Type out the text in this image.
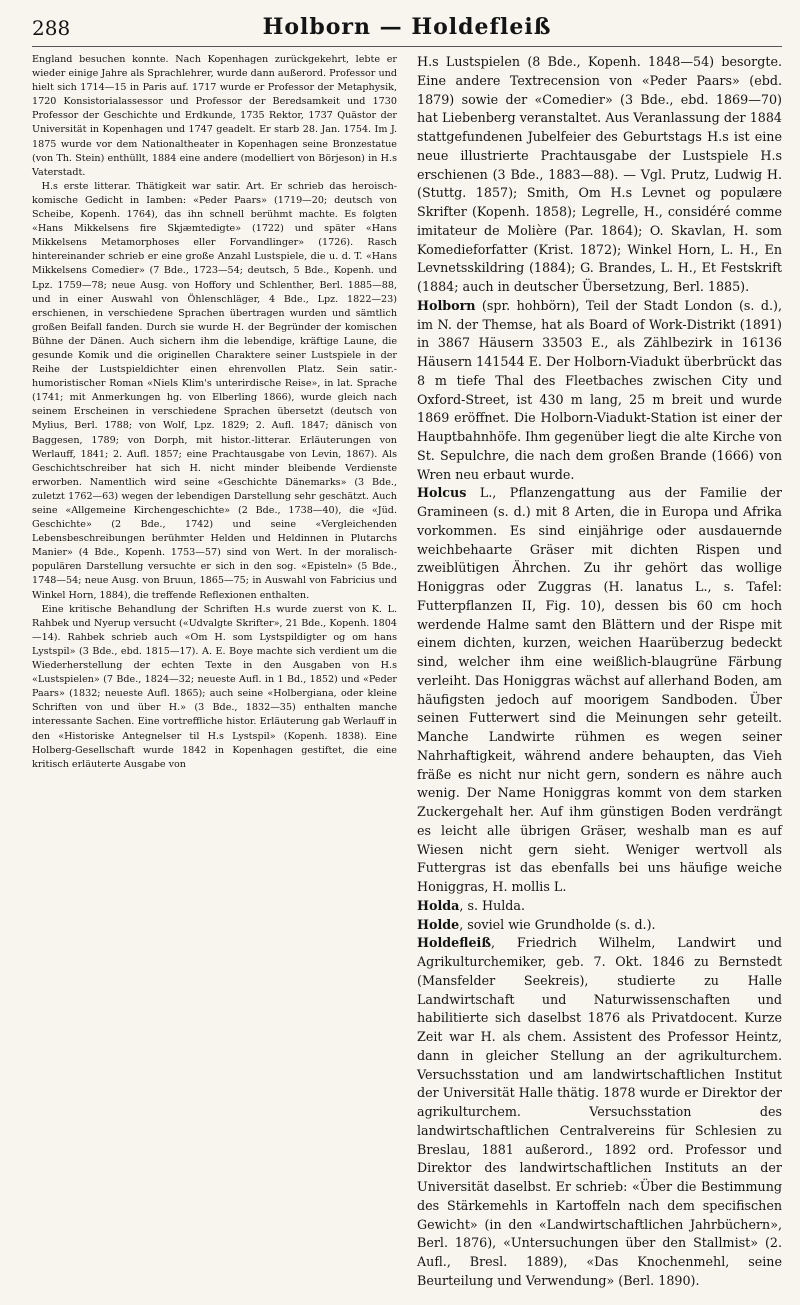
288	Holborn — Holdefleiß

England besuchen konnte. Nach Kopenhagen zurückgekehrt, lebte er wieder einige Jahre als Sprachlehrer, wurde dann außerord. Professor und hielt sich 1714—15 in Paris auf. 1717 wurde er Professor der Metaphysik, 1720 Konsistorialassessor und Professor der Beredsamkeit und 1730 Professor der Geschichte und Erdkunde, 1735 Rektor, 1737 Quästor der Universität in Kopenhagen und 1747 geadelt. Er starb 28. Jan. 1754. Im J. 1875 wurde vor dem Nationaltheater in Kopenhagen seine Bronzestatue (von Th. Stein) enthüllt, 1884 eine andere (modelliert von Börjeson) in H.s Vaterstadt.

H.s erste litterar. Thätigkeit war satir. Art. Er schrieb das heroisch-komische Gedicht in Iamben: «Peder Paars» (1719—20; deutsch von Scheibe, Kopenh. 1764), das ihn schnell berühmt machte. Es folgten «Hans Mikkelsens fire Skjæmtedigte» (1722) und später «Hans Mikkelsens Metamorphoses eller Forvandlinger» (1726). Rasch hintereinander schrieb er eine große Anzahl Lustspiele, die u. d. T. «Hans Mikkelsens Comedier» (7 Bde., 1723—54; deutsch, 5 Bde., Kopenh. und Lpz. 1759—78; neue Ausg. von Hoffory und Schlenther, Berl. 1885—88, und in einer Auswahl von Öhlenschläger, 4 Bde., Lpz. 1822—23) erschienen, in verschiedene Sprachen übertragen wurden und sämtlich großen Beifall fanden. Durch sie wurde H. der Begründer der komischen Bühne der Dänen. Auch sichern ihm die lebendige, kräftige Laune, die gesunde Komik und die originellen Charaktere seiner Lustspiele in der Reihe der Lustspieldichter einen ehrenvollen Platz. Sein satir.-humoristischer Roman «Niels Klim's unterirdische Reise», in lat. Sprache (1741; mit Anmerkungen hg. von Elberling 1866), wurde gleich nach seinem Erscheinen in verschiedene Sprachen übersetzt (deutsch von Mylius, Berl. 1788; von Wolf, Lpz. 1829; 2. Aufl. 1847; dänisch von Baggesen, 1789; von Dorph, mit histor.-litterar. Erläuterungen von Werlauff, 1841; 2. Aufl. 1857; eine Prachtausgabe von Levin, 1867). Als Geschichtschreiber hat sich H. nicht minder bleibende Verdienste erworben. Namentlich wird seine «Geschichte Dänemarks» (3 Bde., zuletzt 1762—63) wegen der lebendigen Darstellung sehr geschätzt. Auch seine «Allgemeine Kirchengeschichte» (2 Bde., 1738—40), die «Jüd. Geschichte» (2 Bde., 1742) und seine «Vergleichenden Lebensbeschreibungen berühmter Helden und Heldinnen in Plutarchs Manier» (4 Bde., Kopenh. 1753—57) sind von Wert. In der moralisch-populären Darstellung versuchte er sich in den sog. «Episteln» (5 Bde., 1748—54; neue Ausg. von Bruun, 1865—75; in Auswahl von Fabricius und Winkel Horn, 1884), die treffende Reflexionen enthalten.

Eine kritische Behandlung der Schriften H.s wurde zuerst von K. L. Rahbek und Nyerup versucht («Udvalgte Skrifter», 21 Bde., Kopenh. 1804—14). Rahbek schrieb auch «Om H. som Lystspildigter og om hans Lystspil» (3 Bde., ebd. 1815—17). A. E. Boye machte sich verdient um die Wiederherstellung der echten Texte in den Ausgaben von H.s «Lustspielen» (7 Bde., 1824—32; neueste Aufl. in 1 Bd., 1852) und «Peder Paars» (1832; neueste Aufl. 1865); auch seine «Holbergiana, oder kleine Schriften von und über H.» (3 Bde., 1832—35) enthalten manche interessante Sachen. Eine vortreffliche histor. Erläuterung gab Werlauff in den «Historiske Antegnelser til H.s Lystspil» (Kopenh. 1838). Eine Holberg-Gesellschaft wurde 1842 in Kopenhagen gestiftet, die eine kritisch erläuterte Ausgabe von

H.s Lustspielen (8 Bde., Kopenh. 1848—54) besorgte. Eine andere Textrecension von «Peder Paars» (ebd. 1879) sowie der «Comedier» (3 Bde., ebd. 1869—70) hat Liebenberg veranstaltet. Aus Veranlassung der 1884 stattgefundenen Jubelfeier des Geburtstags H.s ist eine neue illustrierte Prachtausgabe der Lustspiele H.s erschienen (3 Bde., 1883—88). — Vgl. Prutz, Ludwig H. (Stuttg. 1857); Smith, Om H.s Levnet og populære Skrifter (Kopenh. 1858); Legrelle, H., considéré comme imitateur de Molière (Par. 1864); O. Skavlan, H. som Komedieforfatter (Krist. 1872); Winkel Horn, L. H., En Levnetsskildring (1884); G. Brandes, L. H., Et Festskrift (1884; auch in deutscher Übersetzung, Berl. 1885).

Holborn (spr. hohbörn), Teil der Stadt London (s. d.), im N. der Themse, hat als Board of Work-Distrikt (1891) in 3867 Häusern 33503 E., als Zählbezirk in 16136 Häusern 141544 E. Der Holborn-Viadukt überbrückt das 8 m tiefe Thal des Fleetbaches zwischen City und Oxford-Street, ist 430 m lang, 25 m breit und wurde 1869 eröffnet. Die Holborn-Viadukt-Station ist einer der Hauptbahnhöfe. Ihm gegenüber liegt die alte Kirche von St. Sepulchre, die nach dem großen Brande (1666) von Wren neu erbaut wurde.

Holcus L., Pflanzengattung aus der Familie der Gramineen (s. d.) mit 8 Arten, die in Europa und Afrika vorkommen. Es sind einjährige oder ausdauernde weichbehaarte Gräser mit dichten Rispen und zweiblütigen Ährchen. Zu ihr gehört das wollige Honiggras oder Zuggras (H. lanatus L., s. Tafel: Futterpflanzen II, Fig. 10), dessen bis 60 cm hoch werdende Halme samt den Blättern und der Rispe mit einem dichten, kurzen, weichen Haarüberzug bedeckt sind, welcher ihm eine weißlich-blaugrüne Färbung verleiht. Das Honiggras wächst auf allerhand Boden, am häufigsten jedoch auf moorigem Sandboden. Über seinen Futterwert sind die Meinungen sehr geteilt. Manche Landwirte rühmen es wegen seiner Nahrhaftigkeit, während andere behaupten, das Vieh fräße es nicht nur nicht gern, sondern es nähre auch wenig. Der Name Honiggras kommt von dem starken Zuckergehalt her. Auf ihm günstigen Boden verdrängt es leicht alle übrigen Gräser, weshalb man es auf Wiesen nicht gern sieht. Weniger wertvoll als Futtergras ist das ebenfalls bei uns häufige weiche Honiggras, H. mollis L.

Holda, s. Hulda.

Holde, soviel wie Grundholde (s. d.).

Holdefleiß, Friedrich Wilhelm, Landwirt und Agrikulturchemiker, geb. 7. Okt. 1846 zu Bernstedt (Mansfelder Seekreis), studierte zu Halle Landwirtschaft und Naturwissenschaften und habilitierte sich daselbst 1876 als Privatdocent. Kurze Zeit war H. als chem. Assistent des Professor Heintz, dann in gleicher Stellung an der agrikulturchem. Versuchsstation und am landwirtschaftlichen Institut der Universität Halle thätig. 1878 wurde er Direktor der agrikulturchem. Versuchsstation des landwirtschaftlichen Centralvereins für Schlesien zu Breslau, 1881 außerord., 1892 ord. Professor und Direktor des landwirtschaftlichen Instituts an der Universität daselbst. Er schrieb: «Über die Bestimmung des Stärkemehls in Kartoffeln nach dem specifischen Gewicht» (in den «Landwirtschaftlichen Jahrbüchern», Berl. 1876), «Untersuchungen über den Stallmist» (2. Aufl., Bresl. 1889), «Das Knochenmehl, seine Beurteilung und Verwendung» (Berl. 1890).
